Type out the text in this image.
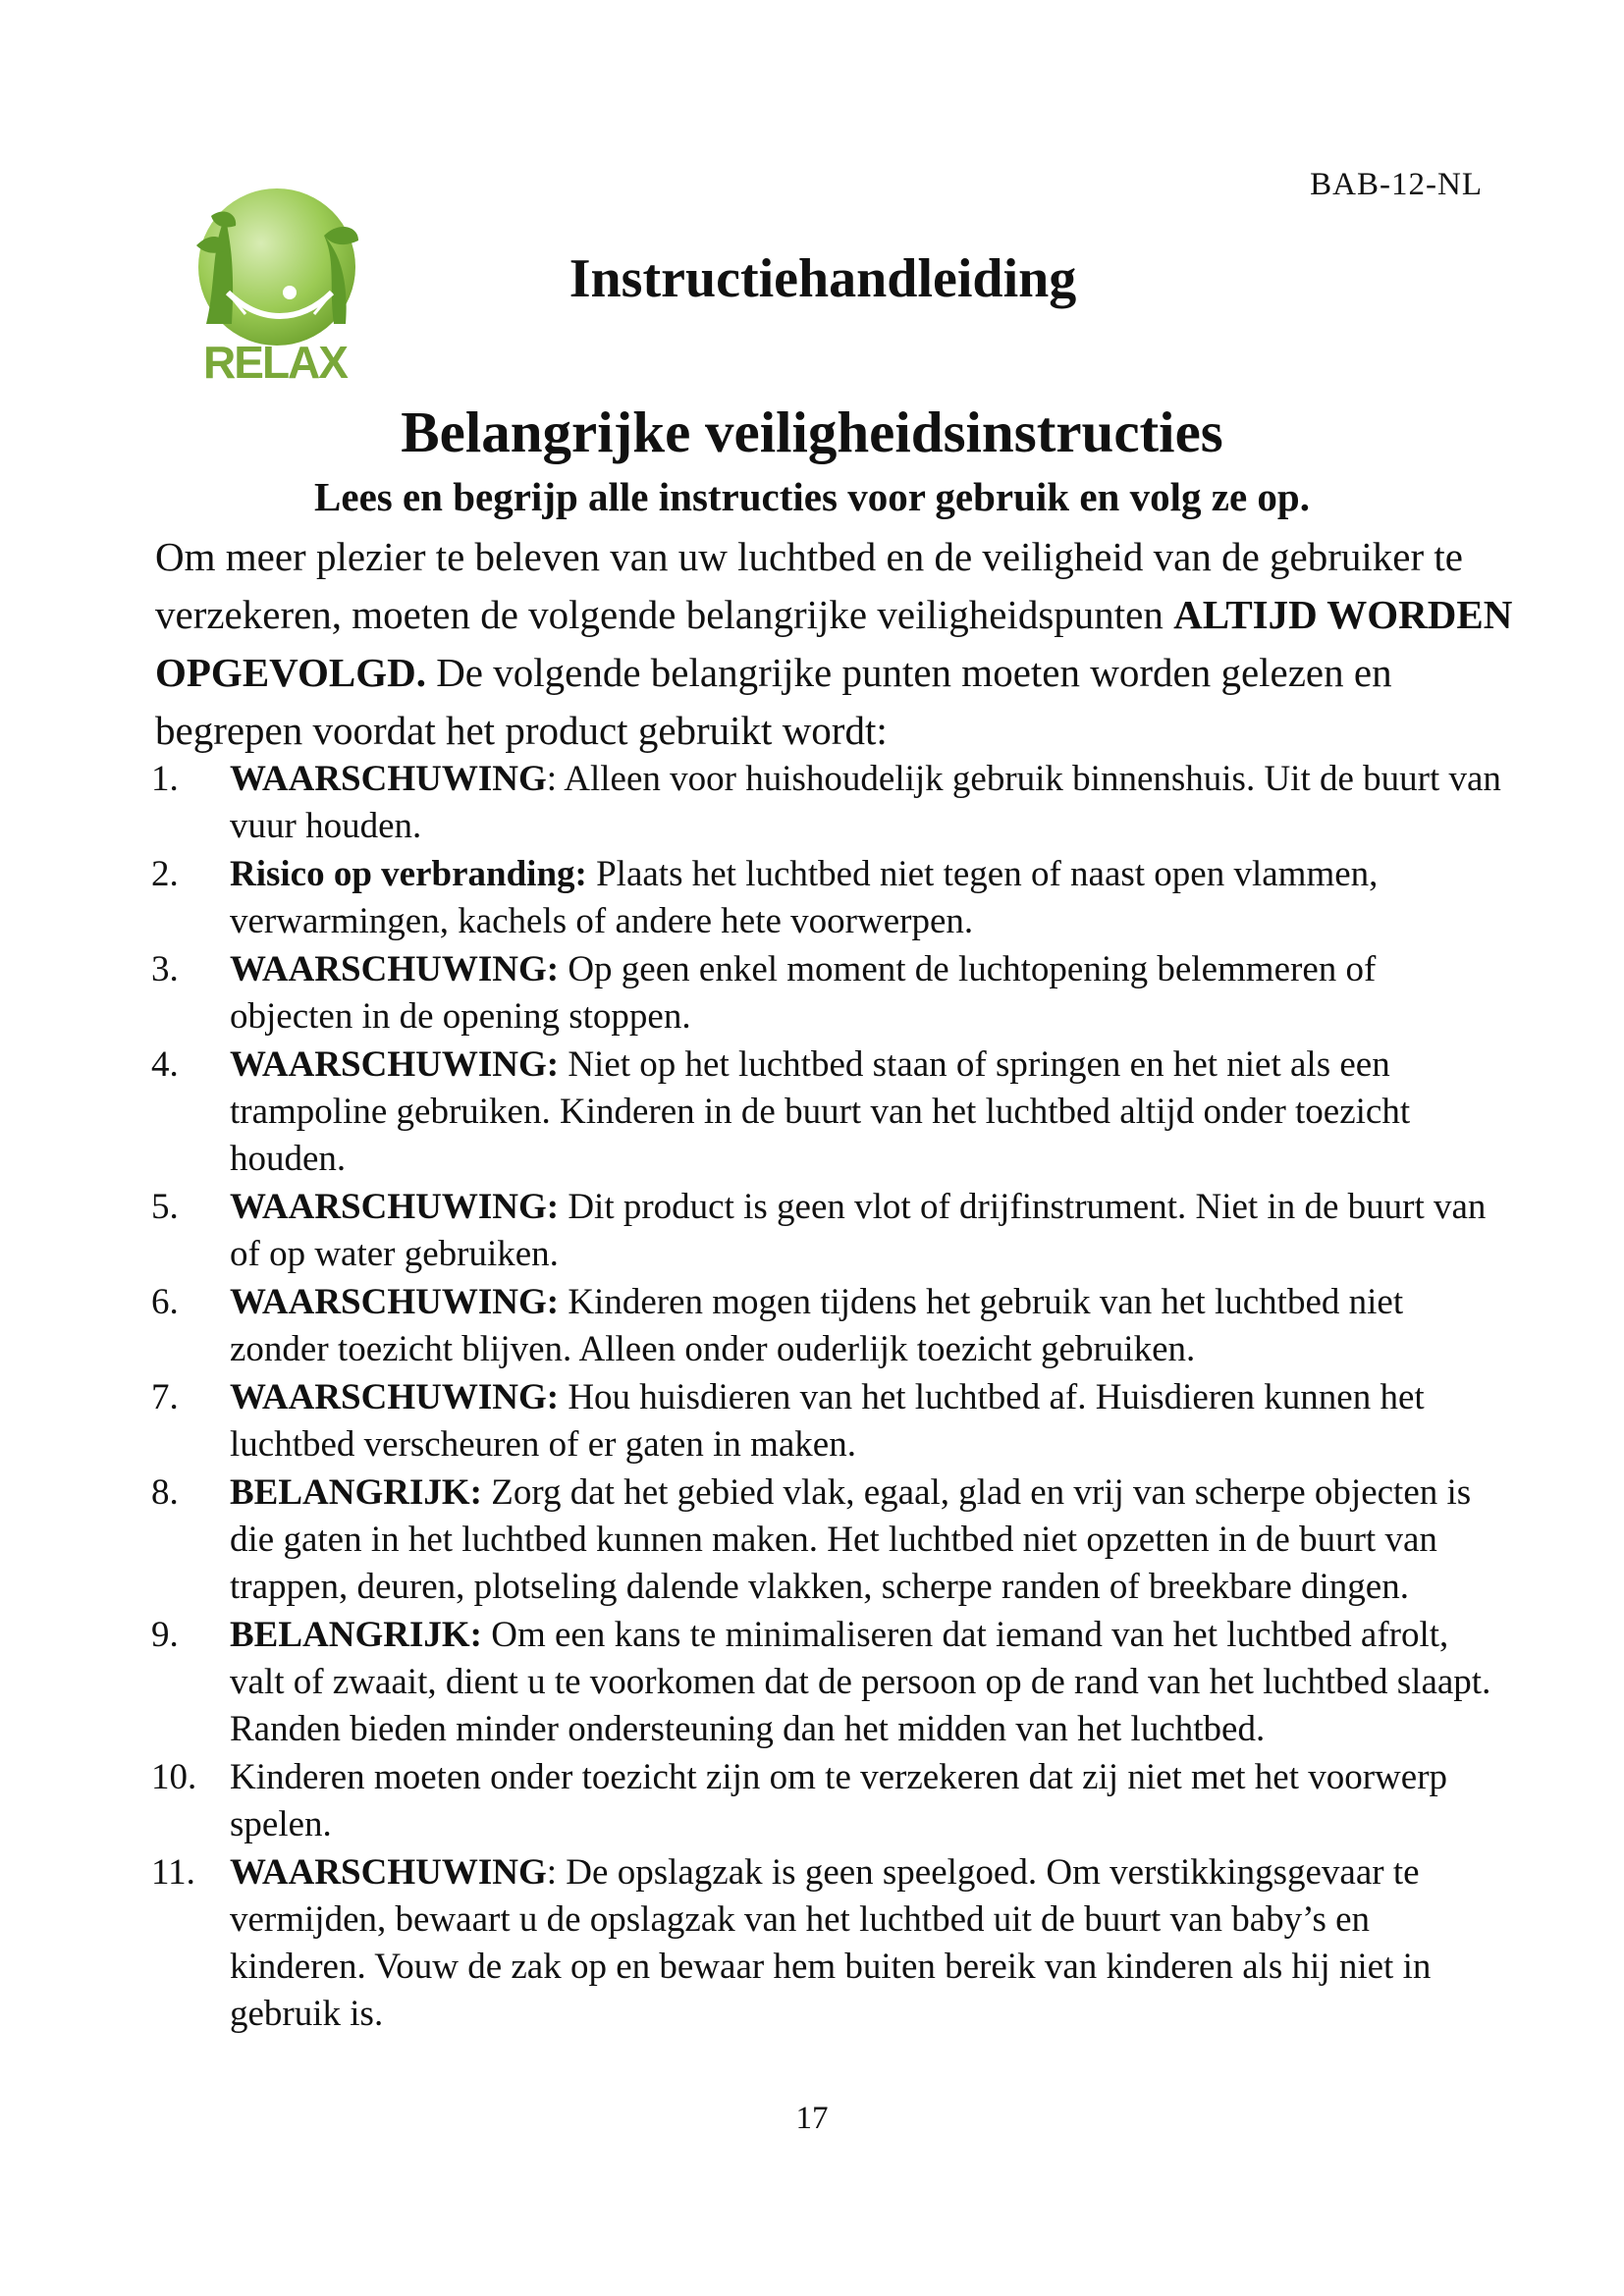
BAB-12-NL
RELAX
Instructiehandleiding
Belangrijke veiligheidsinstructies

Lees en begrijp alle instructies voor gebruik en volg ze op.

Om meer plezier te beleven van uw luchtbed en de veiligheid van de gebruiker te verzekeren, moeten de volgende belangrijke veiligheidspunten ALTIJD WORDEN OPGEVOLGD. De volgende belangrijke punten moeten worden gelezen en begrepen voordat het product gebruikt wordt:

1. WAARSCHUWING: Alleen voor huishoudelijk gebruik binnenshuis. Uit de buurt van vuur houden.
2. Risico op verbranding: Plaats het luchtbed niet tegen of naast open vlammen, verwarmingen, kachels of andere hete voorwerpen.
3. WAARSCHUWING: Op geen enkel moment de luchtopening belemmeren of objecten in de opening stoppen.
4. WAARSCHUWING: Niet op het luchtbed staan of springen en het niet als een trampoline gebruiken. Kinderen in de buurt van het luchtbed altijd onder toezicht houden.
5. WAARSCHUWING: Dit product is geen vlot of drijfinstrument. Niet in de buurt van of op water gebruiken.
6. WAARSCHUWING: Kinderen mogen tijdens het gebruik van het luchtbed niet zonder toezicht blijven. Alleen onder ouderlijk toezicht gebruiken.
7. WAARSCHUWING: Hou huisdieren van het luchtbed af. Huisdieren kunnen het luchtbed verscheuren of er gaten in maken.
8. BELANGRIJK: Zorg dat het gebied vlak, egaal, glad en vrij van scherpe objecten is die gaten in het luchtbed kunnen maken. Het luchtbed niet opzetten in de buurt van trappen, deuren, plotseling dalende vlakken, scherpe randen of breekbare dingen.
9. BELANGRIJK: Om een kans te minimaliseren dat iemand van het luchtbed afrolt, valt of zwaait, dient u te voorkomen dat de persoon op de rand van het luchtbed slaapt. Randen bieden minder ondersteuning dan het midden van het luchtbed.
10. Kinderen moeten onder toezicht zijn om te verzekeren dat zij niet met het voorwerp spelen.
11. WAARSCHUWING: De opslagzak is geen speelgoed. Om verstikkingsgevaar te vermijden, bewaart u de opslagzak van het luchtbed uit de buurt van baby’s en kinderen. Vouw de zak op en bewaar hem buiten bereik van kinderen als hij niet in gebruik is.
17
